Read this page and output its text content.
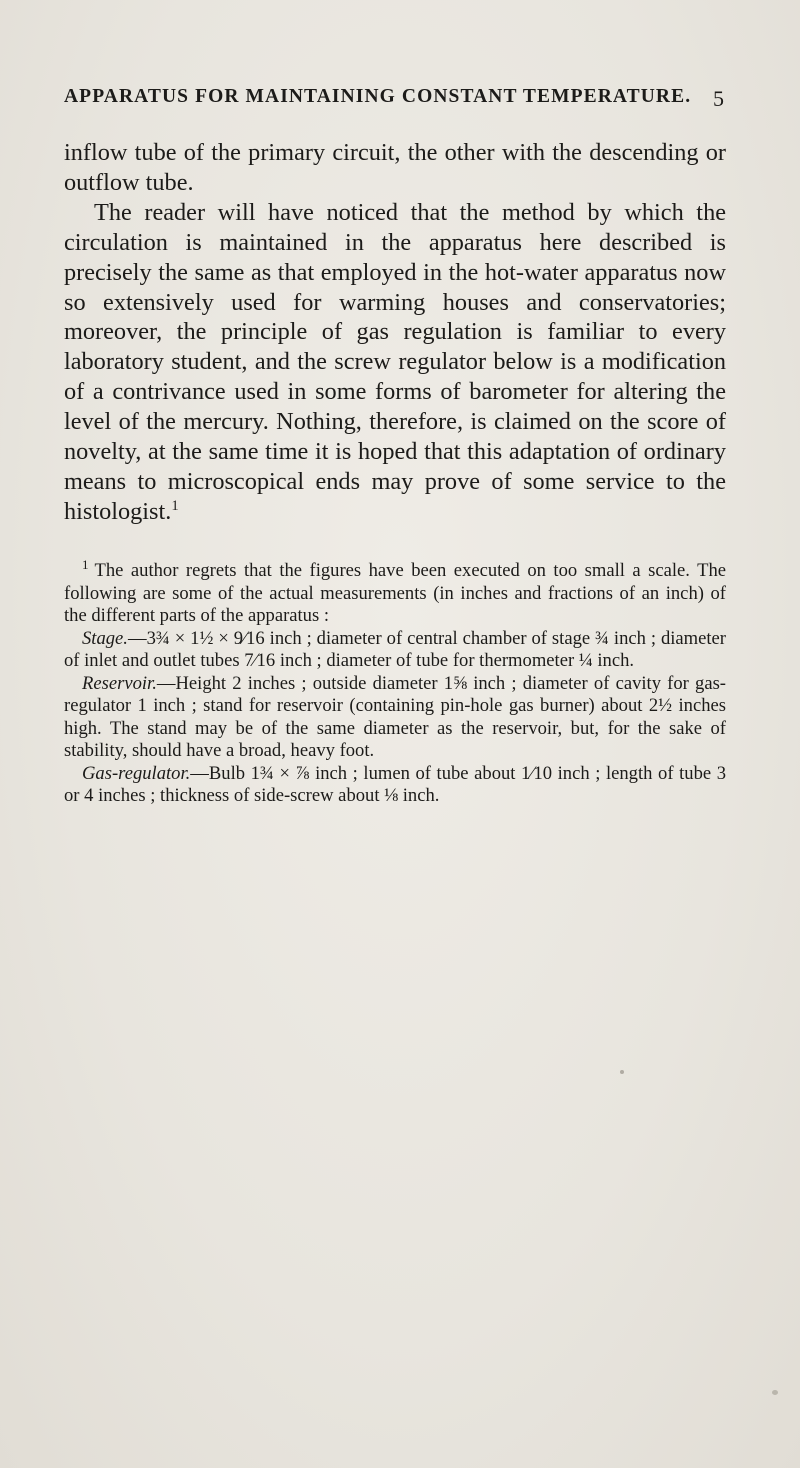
APPARATUS FOR MAINTAINING CONSTANT TEMPERATURE. 5

inflow tube of the primary circuit, the other with the descending or outflow tube.

The reader will have noticed that the method by which the circulation is maintained in the apparatus here described is precisely the same as that employed in the hot-water apparatus now so extensively used for warming houses and conservatories; moreover, the principle of gas regulation is familiar to every laboratory student, and the screw regulator below is a modification of a contrivance used in some forms of barometer for altering the level of the mercury. Nothing, therefore, is claimed on the score of novelty, at the same time it is hoped that this adaptation of ordinary means to microscopical ends may prove of some service to the histologist.$^1$

$^1$ The author regrets that the figures have been executed on too small a scale. The following are some of the actual measurements (in inches and fractions of an inch) of the different parts of the apparatus :

Stage.—3¾ × 1½ × 9⁄16 inch ; diameter of central chamber of stage ¾ inch ; diameter of inlet and outlet tubes 7⁄16 inch ; diameter of tube for thermometer ¼ inch.

Reservoir.—Height 2 inches ; outside diameter 1⅝ inch ; diameter of cavity for gas-regulator 1 inch ; stand for reservoir (containing pin-hole gas burner) about 2½ inches high. The stand may be of the same diameter as the reservoir, but, for the sake of stability, should have a broad, heavy foot.

Gas-regulator.—Bulb 1¾ × ⅞ inch ; lumen of tube about 1⁄10 inch ; length of tube 3 or 4 inches ; thickness of side-screw about ⅛ inch.
